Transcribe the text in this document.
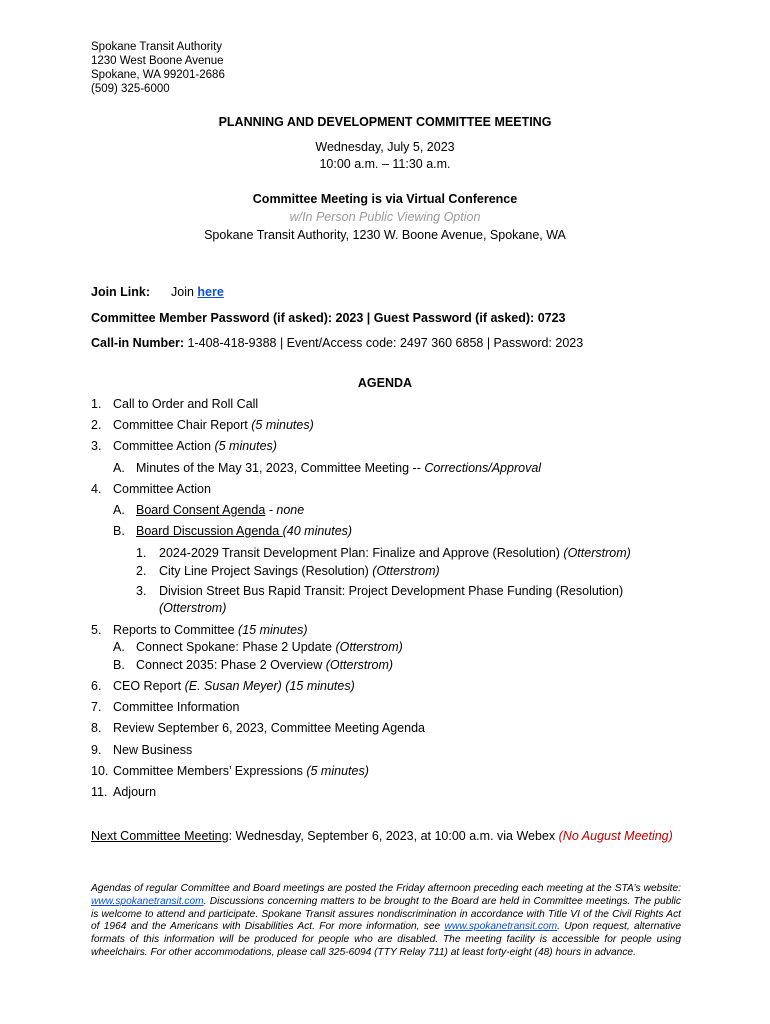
Spokane Transit Authority
1230 West Boone Avenue
Spokane, WA 99201-2686
(509) 325-6000
PLANNING AND DEVELOPMENT COMMITTEE MEETING
Wednesday, July 5, 2023
10:00 a.m. – 11:30 a.m.
Committee Meeting is via Virtual Conference
w/In Person Public Viewing Option
Spokane Transit Authority, 1230 W. Boone Avenue, Spokane, WA
Join Link: Join here
Committee Member Password (if asked): 2023 | Guest Password (if asked): 0723
Call-in Number: 1-408-418-9388 | Event/Access code: 2497 360 6858 | Password: 2023
AGENDA
1. Call to Order and Roll Call
2. Committee Chair Report (5 minutes)
3. Committee Action (5 minutes)
A. Minutes of the May 31, 2023, Committee Meeting -- Corrections/Approval
4. Committee Action
A. Board Consent Agenda - none
B. Board Discussion Agenda (40 minutes)
1. 2024-2029 Transit Development Plan: Finalize and Approve (Resolution) (Otterstrom)
2. City Line Project Savings (Resolution) (Otterstrom)
3. Division Street Bus Rapid Transit: Project Development Phase Funding (Resolution)
(Otterstrom)
5. Reports to Committee (15 minutes)
A. Connect Spokane: Phase 2 Update (Otterstrom)
B. Connect 2035: Phase 2 Overview (Otterstrom)
6. CEO Report (E. Susan Meyer) (15 minutes)
7. Committee Information
8. Review September 6, 2023, Committee Meeting Agenda
9. New Business
10. Committee Members’ Expressions (5 minutes)
11. Adjourn
Next Committee Meeting: Wednesday, September 6, 2023, at 10:00 a.m. via Webex (No August Meeting)
Agendas of regular Committee and Board meetings are posted the Friday afternoon preceding each meeting at the STA’s website: www.spokanetransit.com. Discussions concerning matters to be brought to the Board are held in Committee meetings. The public is welcome to attend and participate. Spokane Transit assures nondiscrimination in accordance with Title VI of the Civil Rights Act of 1964 and the Americans with Disabilities Act. For more information, see www.spokanetransit.com. Upon request, alternative formats of this information will be produced for people who are disabled. The meeting facility is accessible for people using wheelchairs. For other accommodations, please call 325-6094 (TTY Relay 711) at least forty-eight (48) hours in advance.
